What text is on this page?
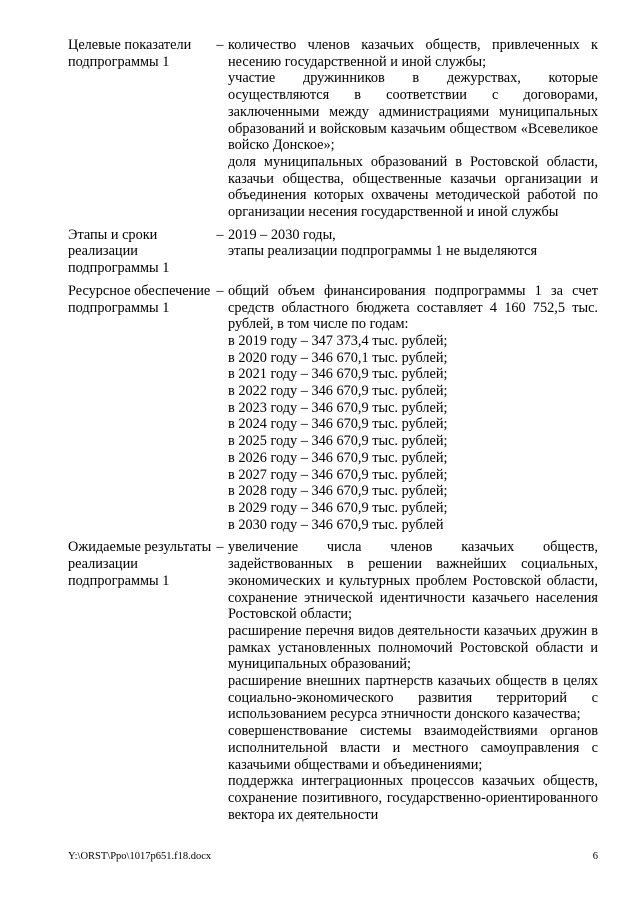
Целевые показатели подпрограммы 1
– количество членов казачьих обществ, привлеченных к несению государственной и иной службы;

участие дружинников в дежурствах, которые осуществляются в соответствии с договорами, заключенными между администрациями муниципальных образований и войсковым казачьим обществом «Всевеликое войско Донское»;

доля муниципальных образований в Ростовской области, казачьи общества, общественные казачьи организации и объединения которых охвачены методической работой по организации несения государственной и иной службы

Этапы и сроки реализации подпрограммы 1
– 2019 – 2030 годы,

этапы реализации подпрограммы 1 не выделяются

Ресурсное обеспечение подпрограммы 1
– общий объем финансирования подпрограммы 1 за счет средств областного бюджета составляет 4 160 752,5 тыс. рублей, в том числе по годам:

в 2019 году – 347 373,4 тыс. рублей;
в 2020 году – 346 670,1 тыс. рублей;
в 2021 году – 346 670,9 тыс. рублей;
в 2022 году – 346 670,9 тыс. рублей;
в 2023 году – 346 670,9 тыс. рублей;
в 2024 году – 346 670,9 тыс. рублей;
в 2025 году – 346 670,9 тыс. рублей;
в 2026 году – 346 670,9 тыс. рублей;
в 2027 году – 346 670,9 тыс. рублей;
в 2028 году – 346 670,9 тыс. рублей;
в 2029 году – 346 670,9 тыс. рублей;
в 2030 году – 346 670,9 тыс. рублей
Ожидаемые результаты реализации подпрограммы 1
– увеличение числа членов казачьих обществ, задействованных в решении важнейших социальных, экономических и культурных проблем Ростовской области, сохранение этнической идентичности казачьего населения Ростовской области;

расширение перечня видов деятельности казачьих дружин в рамках установленных полномочий Ростовской области и муниципальных образований;

расширение внешних партнерств казачьих обществ в целях социально-экономического развития территорий с использованием ресурса этничности донского казачества;

совершенствование системы взаимодействиями органов исполнительной власти и местного самоуправления с казачьими обществами и объединениями;

поддержка интеграционных процессов казачьих обществ, сохранение позитивного, государственно-ориентированного вектора их деятельности

Y:\ORST\Ppo\1017p651.f18.docx	6
